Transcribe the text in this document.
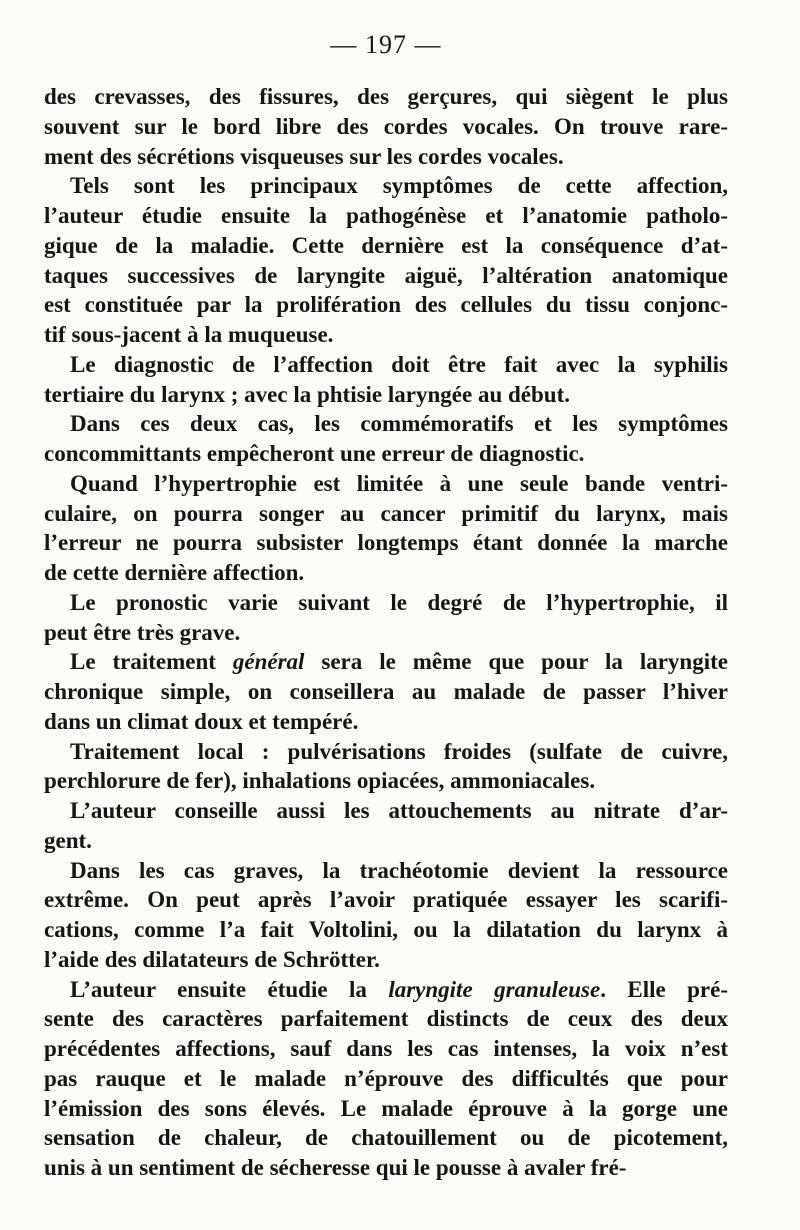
— 197 —

des crevasses, des fissures, des gerçures, qui siègent le plus
souvent sur le bord libre des cordes vocales. On trouve rare-
ment des sécrétions visqueuses sur les cordes vocales.

Tels sont les principaux symptômes de cette affection,
l’auteur étudie ensuite la pathogénèse et l’anatomie patholo-
gique de la maladie. Cette dernière est la conséquence d’at-
taques successives de laryngite aiguë, l’altération anatomique
est constituée par la prolifération des cellules du tissu conjonc-
tif sous-jacent à la muqueuse.

Le diagnostic de l’affection doit être fait avec la syphilis
tertiaire du larynx ; avec la phtisie laryngée au début.

Dans ces deux cas, les commémoratifs et les symptômes
concommittants empêcheront une erreur de diagnostic.

Quand l’hypertrophie est limitée à une seule bande ventri-
culaire, on pourra songer au cancer primitif du larynx, mais
l’erreur ne pourra subsister longtemps étant donnée la marche
de cette dernière affection.

Le pronostic varie suivant le degré de l’hypertrophie, il
peut être très grave.

Le traitement général sera le même que pour la laryngite
chronique simple, on conseillera au malade de passer l’hiver
dans un climat doux et tempéré.

Traitement local : pulvérisations froides (sulfate de cuivre,
perchlorure de fer), inhalations opiacées, ammoniacales.

L’auteur conseille aussi les attouchements au nitrate d’ar-
gent.

Dans les cas graves, la trachéotomie devient la ressource
extrême. On peut après l’avoir pratiquée essayer les scarifi-
cations, comme l’a fait Voltolini, ou la dilatation du larynx à
l’aide des dilatateurs de Schrötter.

L’auteur ensuite étudie la laryngite granuleuse. Elle pré-
sente des caractères parfaitement distincts de ceux des deux
précédentes affections, sauf dans les cas intenses, la voix n’est
pas rauque et le malade n’éprouve des difficultés que pour
l’émission des sons élevés. Le malade éprouve à la gorge une
sensation de chaleur, de chatouillement ou de picotement,
unis à un sentiment de sécheresse qui le pousse à avaler fré-
